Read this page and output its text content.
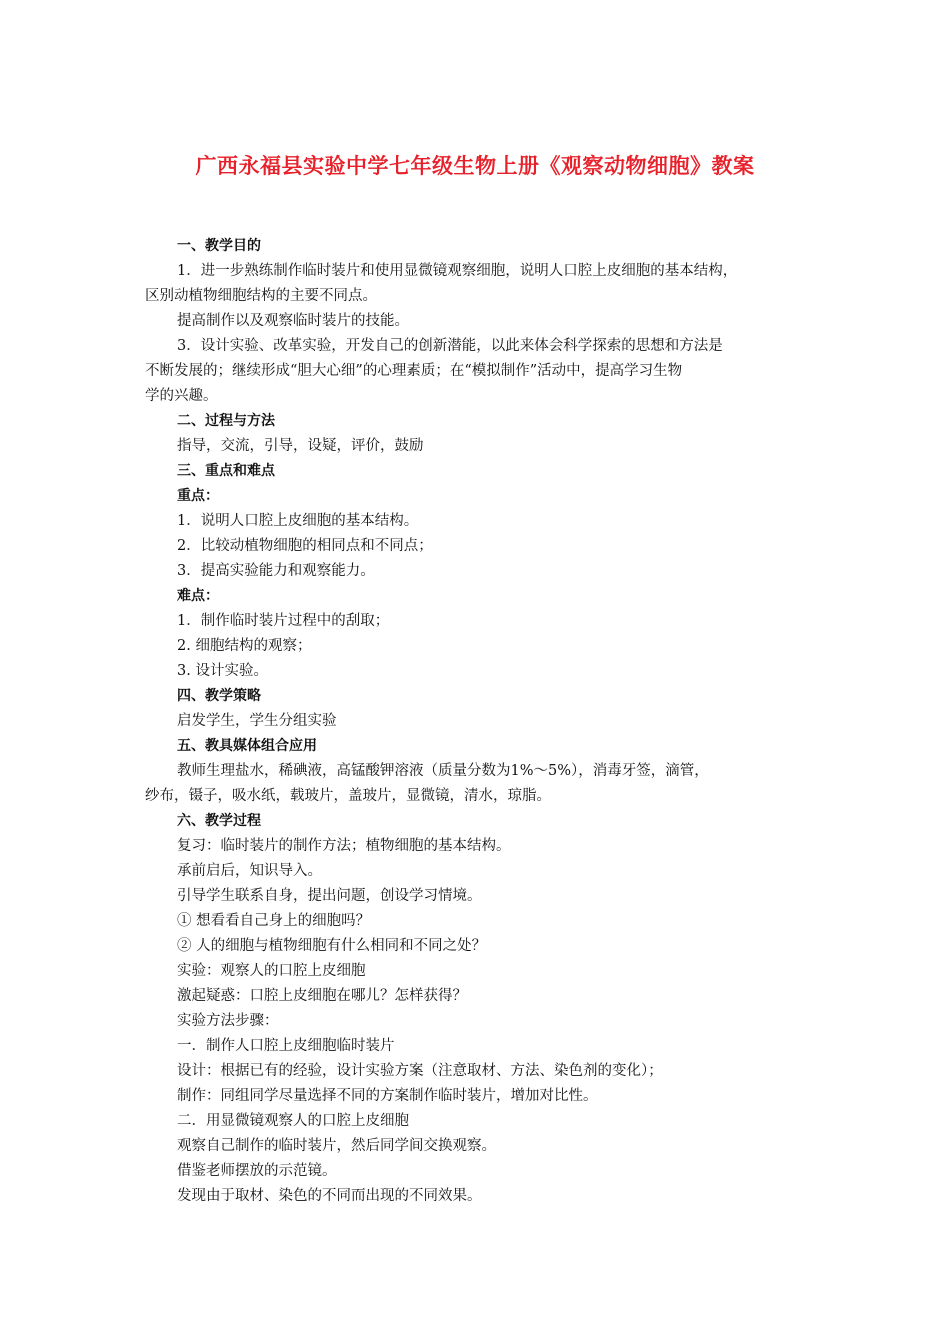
广西永福县实验中学七年级生物上册《观察动物细胞》教案
一、教学目的
1．进一步熟练制作临时装片和使用显微镜观察细胞，说明人口腔上皮细胞的基本结构，
区别动植物细胞结构的主要不同点。
提高制作以及观察临时装片的技能。
3．设计实验、改革实验，开发自己的创新潜能，以此来体会科学探索的思想和方法是
不断发展的；继续形成“胆大心细”的心理素质；在“模拟制作”活动中，提高学习生物
学的兴趣。
二、过程与方法
指导，交流，引导，设疑，评价，鼓励
三、重点和难点
重点：
1．说明人口腔上皮细胞的基本结构。
2．比较动植物细胞的相同点和不同点；
3．提高实验能力和观察能力。
难点：
1．制作临时装片过程中的刮取；
2. 细胞结构的观察；
3. 设计实验。
四、教学策略
启发学生，学生分组实验
五、教具媒体组合应用
教师生理盐水，稀碘液，高锰酸钾溶液（质量分数为1%～5%），消毒牙签，滴管，
纱布，镊子，吸水纸，载玻片，盖玻片，显微镜，清水，琼脂。
六、教学过程
复习：临时装片的制作方法；植物细胞的基本结构。
承前启后，知识导入。
引导学生联系自身，提出问题，创设学习情境。
① 想看看自己身上的细胞吗？
② 人的细胞与植物细胞有什么相同和不同之处？
实验：观察人的口腔上皮细胞
激起疑惑：口腔上皮细胞在哪儿？怎样获得？
实验方法步骤：
一．制作人口腔上皮细胞临时装片
设计：根据已有的经验，设计实验方案（注意取材、方法、染色剂的变化）；
制作：同组同学尽量选择不同的方案制作临时装片，增加对比性。
二．用显微镜观察人的口腔上皮细胞
观察自己制作的临时装片，然后同学间交换观察。
借鉴老师摆放的示范镜。
发现由于取材、染色的不同而出现的不同效果。
